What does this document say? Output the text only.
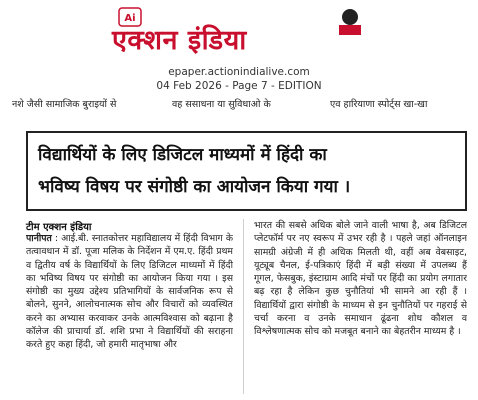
Ai
एक्शन इंडिया
epaper.actionindialive.com
04 Feb 2026 - Page 7 - EDITION
नशे जैसी सामाजिक बुराइयों से	वह ससाधना या सुविधाओ के	एव हारियाणा स्पोर्ट्स खा-खा
विद्यार्थियों के लिए डिजिटल माध्यमों में हिंदी का
भविष्य विषय पर संगोष्ठी का आयोजन किया गया ।
टीम एक्शन इंडिया
पानीपत : आई.बी. स्नातकोत्तर महाविद्यालय में हिंदी विभाग के तत्वावधान में डॉ. पूजा मलिक के निर्देशन में एम.ए. हिंदी प्रथम व द्वितीय वर्ष के विद्यार्थियों के लिए डिजिटल माध्यमों में हिंदी का भविष्य विषय पर संगोष्ठी का आयोजन किया गया । इस संगोष्ठी का मुख्य उद्देश्य प्रतिभागियों के सार्वजनिक रूप से बोलने, सुनने, आलोचनात्मक सोच और विचारों को व्यवस्थित करने का अभ्यास करवाकर उनके आत्मविश्वास को बढ़ाना है कॉलेज की प्राचार्या डॉ. शशि प्रभा ने विद्यार्थियों की सराहना करते हुए कहा हिंदी, जो हमारी मातृभाषा और
भारत की सबसे अधिक बोले जाने वाली भाषा है, अब डिजिटल प्लेटफॉर्म पर नए स्वरूप में उभर रही है । पहले जहां ऑनलाइन सामग्री अंग्रेजी में ही अधिक मिलती थी, वहीं अब वेबसाइट, यूट्यूब चैनल, ई-पत्रिकाएं हिंदी में बड़ी संख्या में उपलब्ध हैं गूगल, फेसबुक, इंस्टाग्राम आदि मंचों पर हिंदी का प्रयोग लगातार बढ़ रहा है लेकिन कुछ चुनौतियां भी सामने आ रही हैं । विद्यार्थियों द्वारा संगोष्ठी के माध्यम से इन चुनौतियों पर गहराई से चर्चा करना व उनके समाधान ढूंढना शोध कौशल व विश्लेषणात्मक सोच को मजबूत बनाने का बेहतरीन माध्यम है ।
